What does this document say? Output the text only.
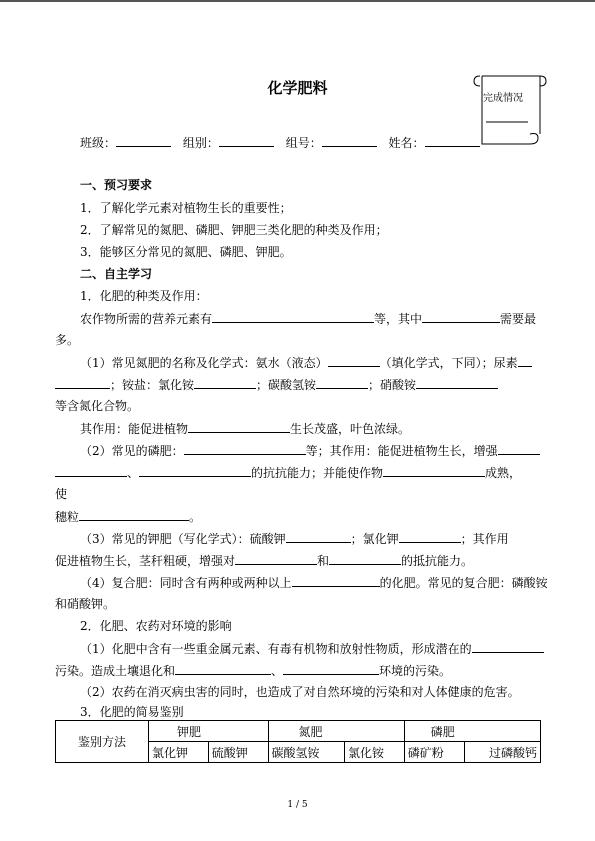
化学肥料
完成情况
班级：	组别：	组号：	姓名：
一、预习要求
1．了解化学元素对植物生长的重要性；
2．了解常见的氮肥、磷肥、钾肥三类化肥的种类及作用；
3．能够区分常见的氮肥、磷肥、钾肥。
二、自主学习
1．化肥的种类及作用：
农作物所需的营养元素有	等，其中	需要最
多。
（1）常见氮肥的名称及化学式：氨水（液态）	（填化学式，下同）；尿素
；铵盐：氯化铵	；碳酸氢铵	；硝酸铵
等含氮化合物。
其作用：能促进植物	生长茂盛，叶色浓绿。
（2）常见的磷肥：	等；其作用：能促进植物生长，增强
、	的抗抗能力；并能使作物	成熟，
使
穗粒	。
（3）常见的钾肥（写化学式）：硫酸钾	；氯化钾	；其作用
促进植物生长，茎秆粗硬，增强对	和	的抵抗能力。
（4）复合肥：同时含有两种或两种以上	的化肥。常见的复合肥：磷酸铵
和硝酸钾。
2．化肥、农药对环境的影响
（1）化肥中含有一些重金属元素、有毒有机物和放射性物质，形成潜在的
污染。造成土壤退化和	、	环境的污染。
（2）农药在消灭病虫害的同时，也造成了对自然环境的污染和对人体健康的危害。
3．化肥的简易鉴别
鉴别方法	钾肥		氮肥		磷肥	
	氯化钾	硫酸钾	碳酸氢铵	氯化铵	磷矿粉	过磷酸钙
1 / 5
